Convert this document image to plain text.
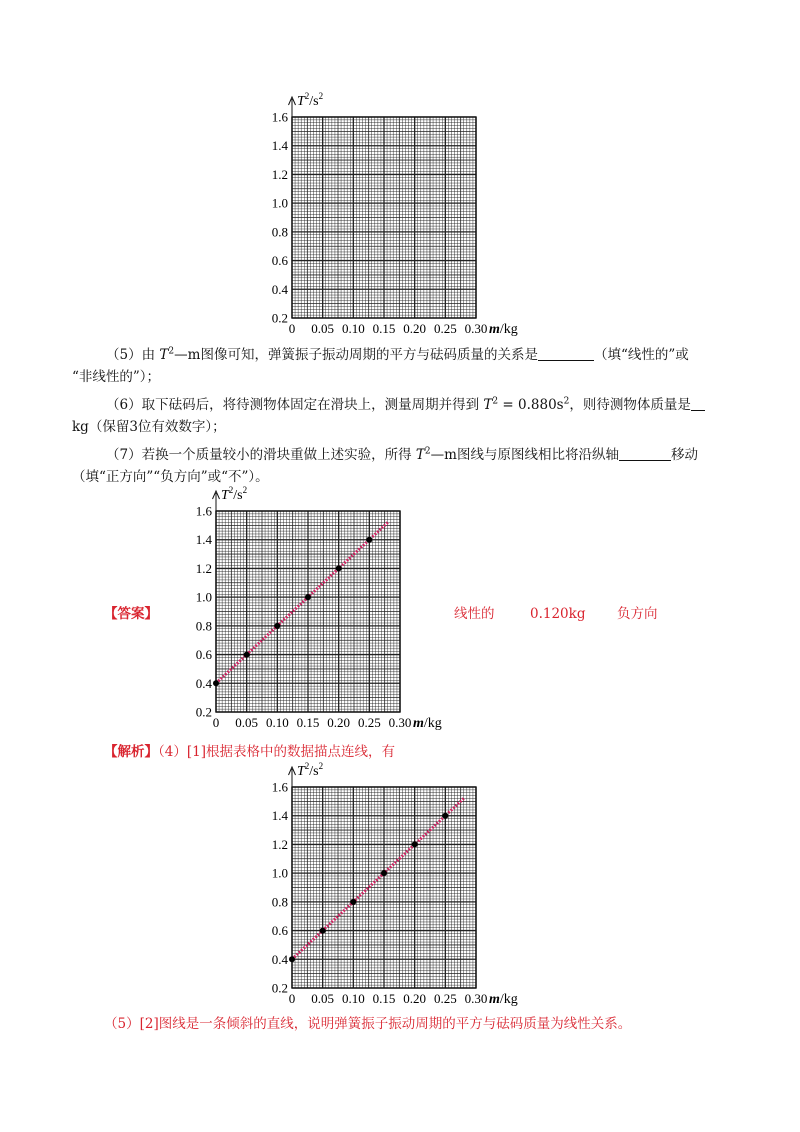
$T^2/s^2$
0.2
0.4
0.6
0.8
1.0
1.2
1.4
1.6
0 0.05 0.10 0.15 0.20 0.25 0.30 m/kg
（5）由 $T^2—m$图像可知，弹簧振子振动周期的平方与砝码质量的关系是	（填“线性的”或
“非线性的”）；
（6）取下砝码后，将待测物体固定在滑块上，测量周期并得到 $T^2 = 0.880s^2$，则待测物体质量是
kg（保留3位有效数字）；
（7）若换一个质量较小的滑块重做上述实验，所得 $T^2—m$图线与原图线相比将沿纵轴	移动
（填“正方向”“负方向”或“不”）。
$T^2/s^2$
0.2
0.4
0.6
0.8
1.0
1.2
1.4
1.6
0 0.05 0.10 0.15 0.20 0.25 0.30 m/kg
【答案】	线性的	0.120kg 负方向
【解析】（4）[1]根据表格中的数据描点连线，有
$T^2/s^2$
0.2
0.4
0.6
0.8
1.0
1.2
1.4
1.6
0 0.05 0.10 0.15 0.20 0.25 0.30 m/kg
（5）[2]图线是一条倾斜的直线，说明弹簧振子振动周期的平方与砝码质量为线性关系。
